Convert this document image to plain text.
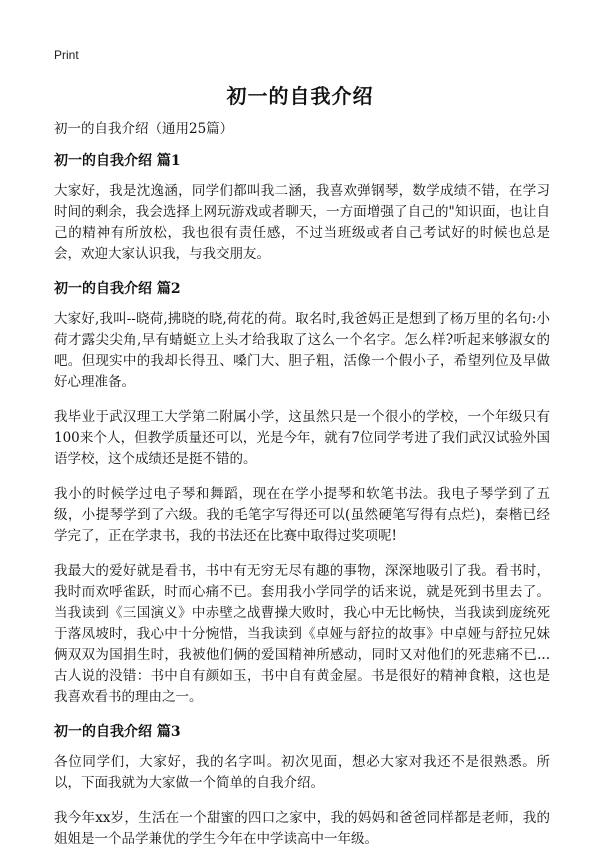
Print
初一的自我介绍

初一的自我介绍（通用25篇）

初一的自我介绍 篇1

大家好，我是沈逸涵，同学们都叫我二涵，我喜欢弹钢琴，数学成绩不错，在学习时间的剩余，我会选择上网玩游戏或者聊天，一方面增强了自己的"知识面，也让自己的精神有所放松，我也很有责任感，不过当班级或者自己考试好的时候也总是会，欢迎大家认识我，与我交朋友。

初一的自我介绍 篇2

大家好,我叫--晓荷,拂晓的晓,荷花的荷。取名时,我爸妈正是想到了杨万里的名句:小荷才露尖尖角,早有蜻蜓立上头才给我取了这么一个名字。怎么样?听起来够淑女的吧。但现实中的我却长得丑、嗓门大、胆子粗，活像一个假小子，希望列位及早做好心理准备。

我毕业于武汉理工大学第二附属小学，这虽然只是一个很小的学校，一个年级只有100来个人，但教学质量还可以，光是今年，就有7位同学考进了我们武汉试验外国语学校，这个成绩还是挺不错的。

我小的时候学过电子琴和舞蹈，现在在学小提琴和软笔书法。我电子琴学到了五级，小提琴学到了六级。我的毛笔字写得还可以(虽然硬笔写得有点烂)，秦楷已经学完了，正在学隶书，我的书法还在比赛中取得过奖项呢!

我最大的爱好就是看书，书中有无穷无尽有趣的事物，深深地吸引了我。看书时，我时而欢呼雀跃，时而心痛不已。套用我小学同学的话来说，就是死到书里去了。当我读到《三国演义》中赤壁之战曹操大败时，我心中无比畅快，当我读到庞统死于落凤坡时，我心中十分惋惜，当我读到《卓娅与舒拉的故事》中卓娅与舒拉兄妹俩双双为国捐生时，我被他们俩的爱国精神所感动，同时又对他们的死悲痛不已...古人说的没错：书中自有颜如玉，书中自有黄金屋。书是很好的精神食粮，这也是我喜欢看书的理由之一。

初一的自我介绍 篇3

各位同学们，大家好，我的名字叫。初次见面，想必大家对我还不是很熟悉。所以，下面我就为大家做一个简单的自我介绍。

我今年xx岁，生活在一个甜蜜的四口之家中，我的妈妈和爸爸同样都是老师，我的姐姐是一个品学兼优的学生今年在中学读高中一年级。
